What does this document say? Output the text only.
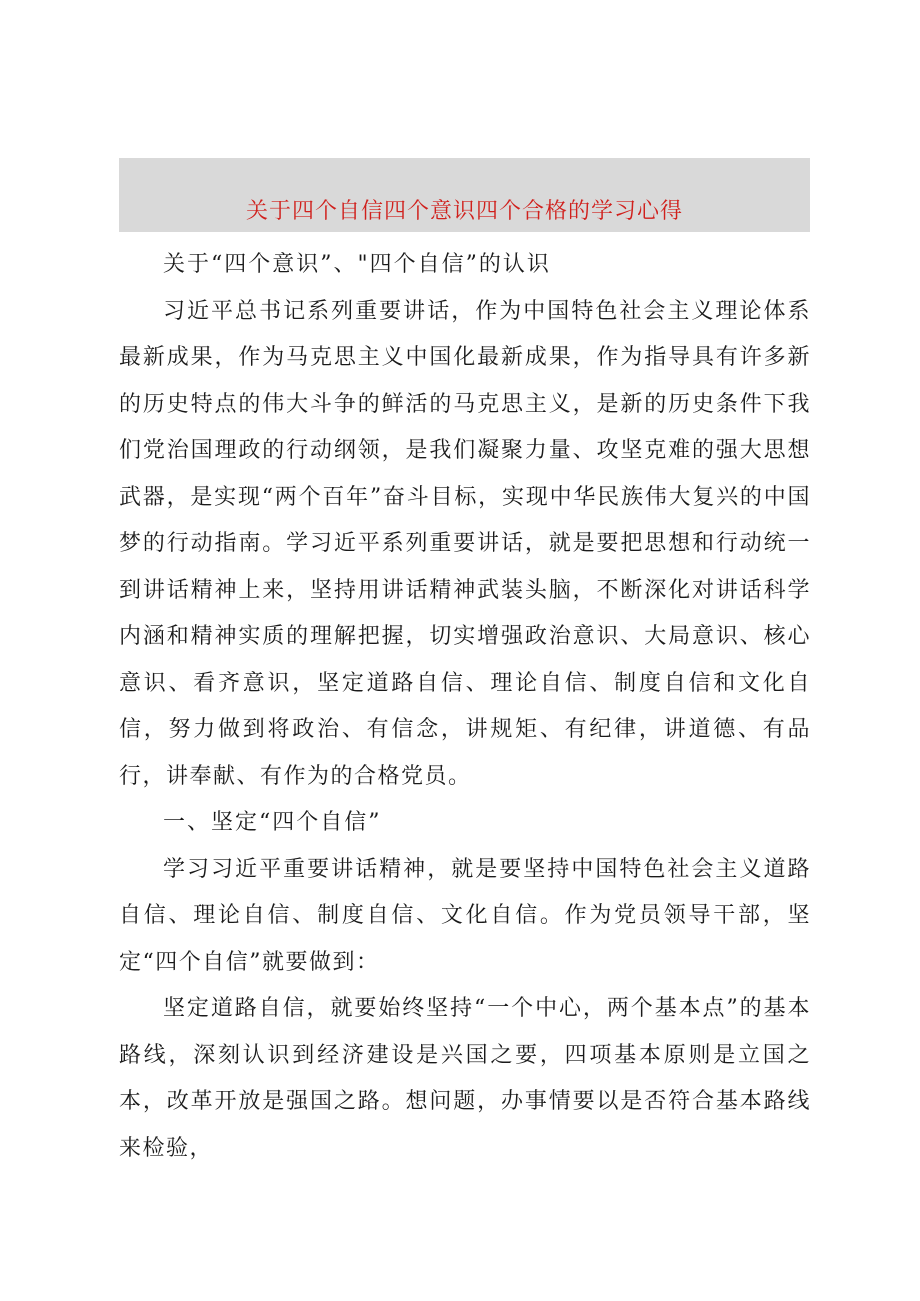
关于四个自信四个意识四个合格的学习心得

关于“四个意识”、"四个自信”的认识

习近平总书记系列重要讲话，作为中国特色社会主义理论体系最新成果，作为马克思主义中国化最新成果，作为指导具有许多新的历史特点的伟大斗争的鲜活的马克思主义，是新的历史条件下我们党治国理政的行动纲领，是我们凝聚力量、攻坚克难的强大思想武器，是实现“两个百年”奋斗目标，实现中华民族伟大复兴的中国梦的行动指南。学习近平系列重要讲话，就是要把思想和行动统一到讲话精神上来，坚持用讲话精神武装头脑，不断深化对讲话科学内涵和精神实质的理解把握，切实增强政治意识、大局意识、核心意识、看齐意识，坚定道路自信、理论自信、制度自信和文化自信，努力做到将政治、有信念，讲规矩、有纪律，讲道德、有品行，讲奉献、有作为的合格党员。

一、坚定“四个自信”

学习习近平重要讲话精神，就是要坚持中国特色社会主义道路自信、理论自信、制度自信、文化自信。作为党员领导干部，坚定“四个自信”就要做到：

坚定道路自信，就要始终坚持“一个中心，两个基本点”的基本路线，深刻认识到经济建设是兴国之要，四项基本原则是立国之本，改革开放是强国之路。想问题，办事情要以是否符合基本路线来检验，
